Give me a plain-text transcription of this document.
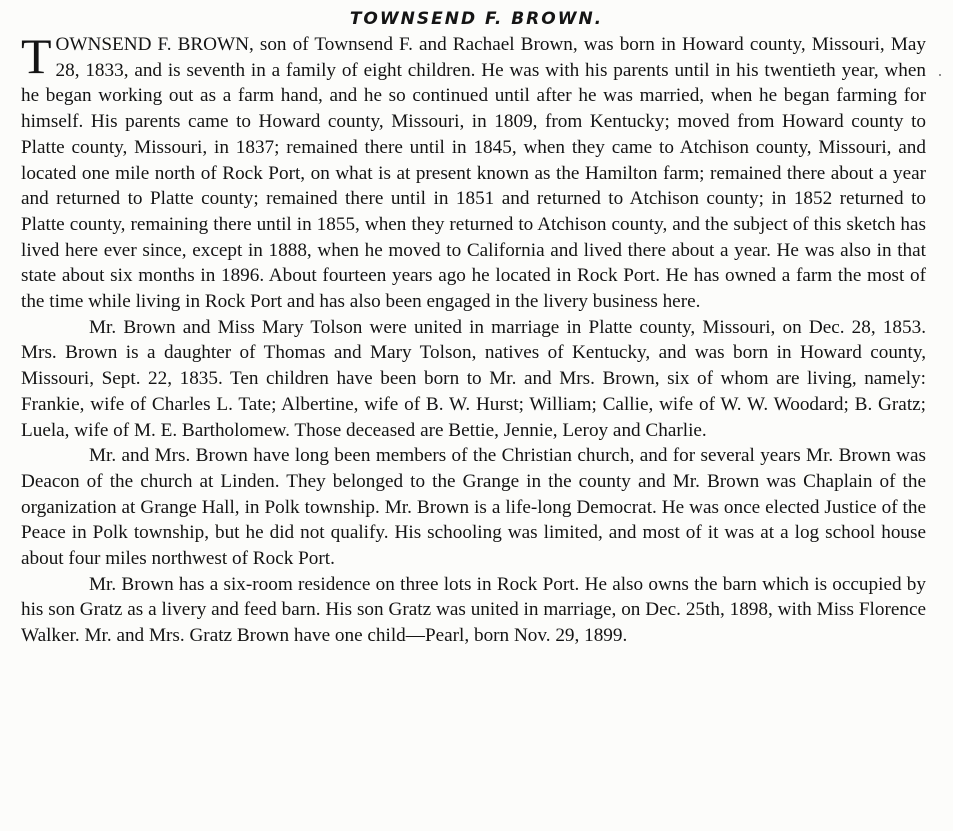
TOWNSEND F. BROWN.

TOWNSEND F. BROWN, son of Townsend F. and Rachael Brown, was born in Howard county, Missouri, May 28, 1833, and is seventh in a family of eight children. He was with his parents until in his twentieth year, when he began working out as a farm hand, and he so continued until after he was married, when he began farming for himself. His parents came to Howard county, Missouri, in 1809, from Kentucky; moved from Howard county to Platte county, Missouri, in 1837; remained there until in 1845, when they came to Atchison county, Missouri, and located one mile north of Rock Port, on what is at present known as the Hamilton farm; remained there about a year and returned to Platte county; remained there until in 1851 and returned to Atchison county; in 1852 returned to Platte county, remaining there until in 1855, when they returned to Atchison county, and the subject of this sketch has lived here ever since, except in 1888, when he moved to California and lived there about a year. He was also in that state about six months in 1896. About fourteen years ago he located in Rock Port. He has owned a farm the most of the time while living in Rock Port and has also been engaged in the livery business here.

Mr. Brown and Miss Mary Tolson were united in marriage in Platte county, Missouri, on Dec. 28, 1853. Mrs. Brown is a daughter of Thomas and Mary Tolson, natives of Kentucky, and was born in Howard county, Missouri, Sept. 22, 1835. Ten children have been born to Mr. and Mrs. Brown, six of whom are living, namely: Frankie, wife of Charles L. Tate; Albertine, wife of B. W. Hurst; William; Callie, wife of W. W. Woodard; B. Gratz; Luela, wife of M. E. Bartholomew. Those deceased are Bettie, Jennie, Leroy and Charlie.

Mr. and Mrs. Brown have long been members of the Christian church, and for several years Mr. Brown was Deacon of the church at Linden. They belonged to the Grange in the county and Mr. Brown was Chaplain of the organization at Grange Hall, in Polk township. Mr. Brown is a life-long Democrat. He was once elected Justice of the Peace in Polk township, but he did not qualify. His schooling was limited, and most of it was at a log school house about four miles northwest of Rock Port.

Mr. Brown has a six-room residence on three lots in Rock Port. He also owns the barn which is occupied by his son Gratz as a livery and feed barn. His son Gratz was united in marriage, on Dec. 25th, 1898, with Miss Florence Walker. Mr. and Mrs. Gratz Brown have one child—Pearl, born Nov. 29, 1899.
